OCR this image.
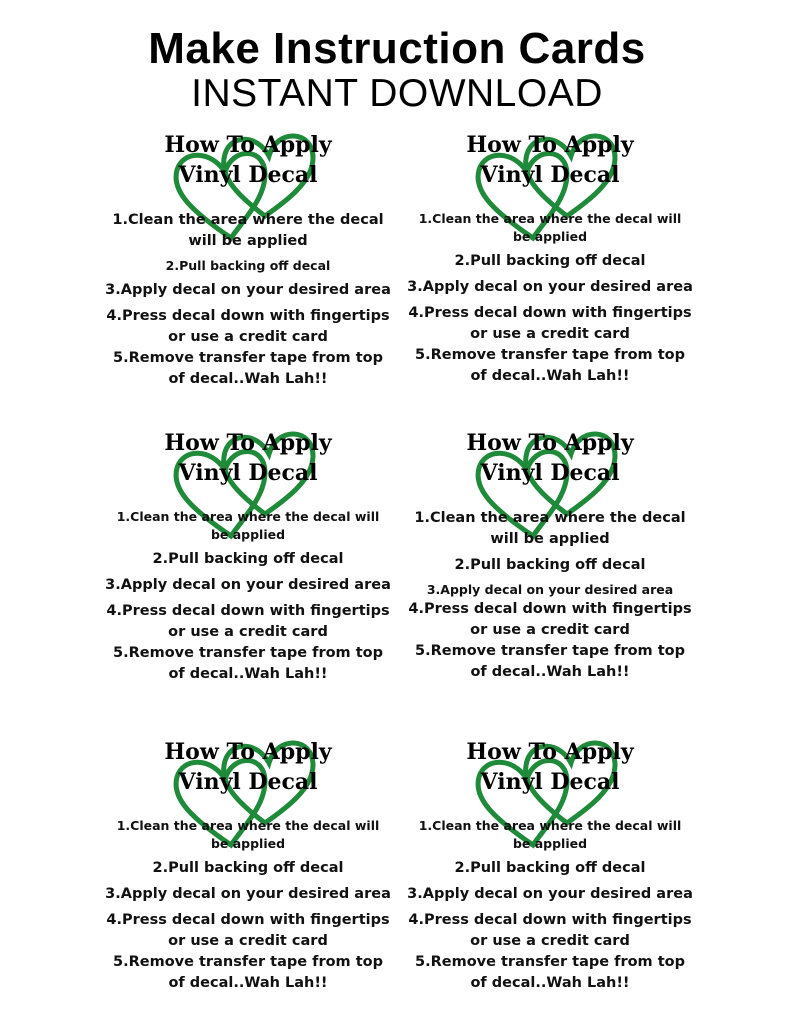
Make Instruction Cards
INSTANT DOWNLOAD
How To Apply
Vinyl Decal

1.Clean the area where the decal
will be applied

2.Pull backing off decal

3.Apply decal on your desired area

4.Press decal down with fingertips
or use a credit card

5.Remove transfer tape from top
of decal..Wah Lah!!

How To Apply
Vinyl Decal

1.Clean the area where the decal will
be applied

2.Pull backing off decal

3.Apply decal on your desired area

4.Press decal down with fingertips
or use a credit card

5.Remove transfer tape from top
of decal..Wah Lah!!

How To Apply
Vinyl Decal

1.Clean the area where the decal will
be applied

2.Pull backing off decal

3.Apply decal on your desired area

4.Press decal down with fingertips
or use a credit card

5.Remove transfer tape from top
of decal..Wah Lah!!

How To Apply
Vinyl Decal

1.Clean the area where the decal
will be applied

2.Pull backing off decal

3.Apply decal on your desired area

4.Press decal down with fingertips
or use a credit card

5.Remove transfer tape from top
of decal..Wah Lah!!

How To Apply
Vinyl Decal

1.Clean the area where the decal will
be applied

2.Pull backing off decal

3.Apply decal on your desired area

4.Press decal down with fingertips
or use a credit card

5.Remove transfer tape from top
of decal..Wah Lah!!

How To Apply
Vinyl Decal

1.Clean the area where the decal will
be applied

2.Pull backing off decal

3.Apply decal on your desired area

4.Press decal down with fingertips
or use a credit card

5.Remove transfer tape from top
of decal..Wah Lah!!
